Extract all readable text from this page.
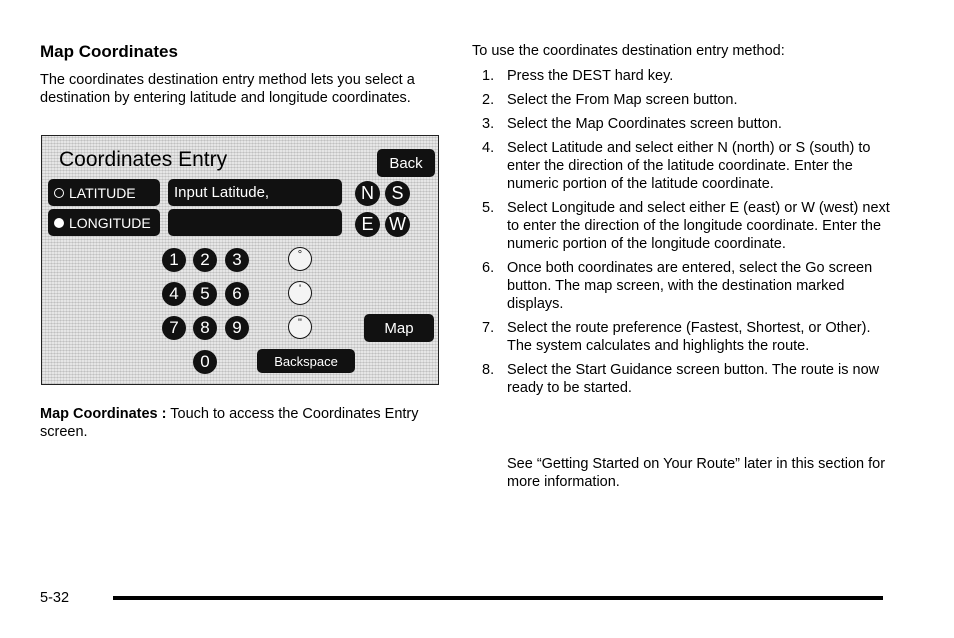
Map Coordinates
The coordinates destination entry method lets you select a destination by entering latitude and longitude coordinates.
Coordinates Entry	Back
LATITUDE	Input Latitude,
LONGITUDE
N S
E W
1	2	3
4	5	6
7	8	9
0
°
'
"	Map
Backspace
Map Coordinates : Touch to access the Coordinates Entry screen.
To use the coordinates destination entry method:
1. Press the DEST hard key.
2. Select the From Map screen button.
3. Select the Map Coordinates screen button.
4. Select Latitude and select either N (north) or S (south) to enter the direction of the latitude coordinate. Enter the numeric portion of the latitude coordinate.
5. Select Longitude and select either E (east) or W (west) next to enter the direction of the longitude coordinate. Enter the numeric portion of the longitude coordinate.
6. Once both coordinates are entered, select the Go screen button. The map screen, with the destination marked displays.
7. Select the route preference (Fastest, Shortest, or Other). The system calculates and highlights the route.
8. Select the Start Guidance screen button. The route is now ready to be started.
See “Getting Started on Your Route” later in this section for more information.
5-32
